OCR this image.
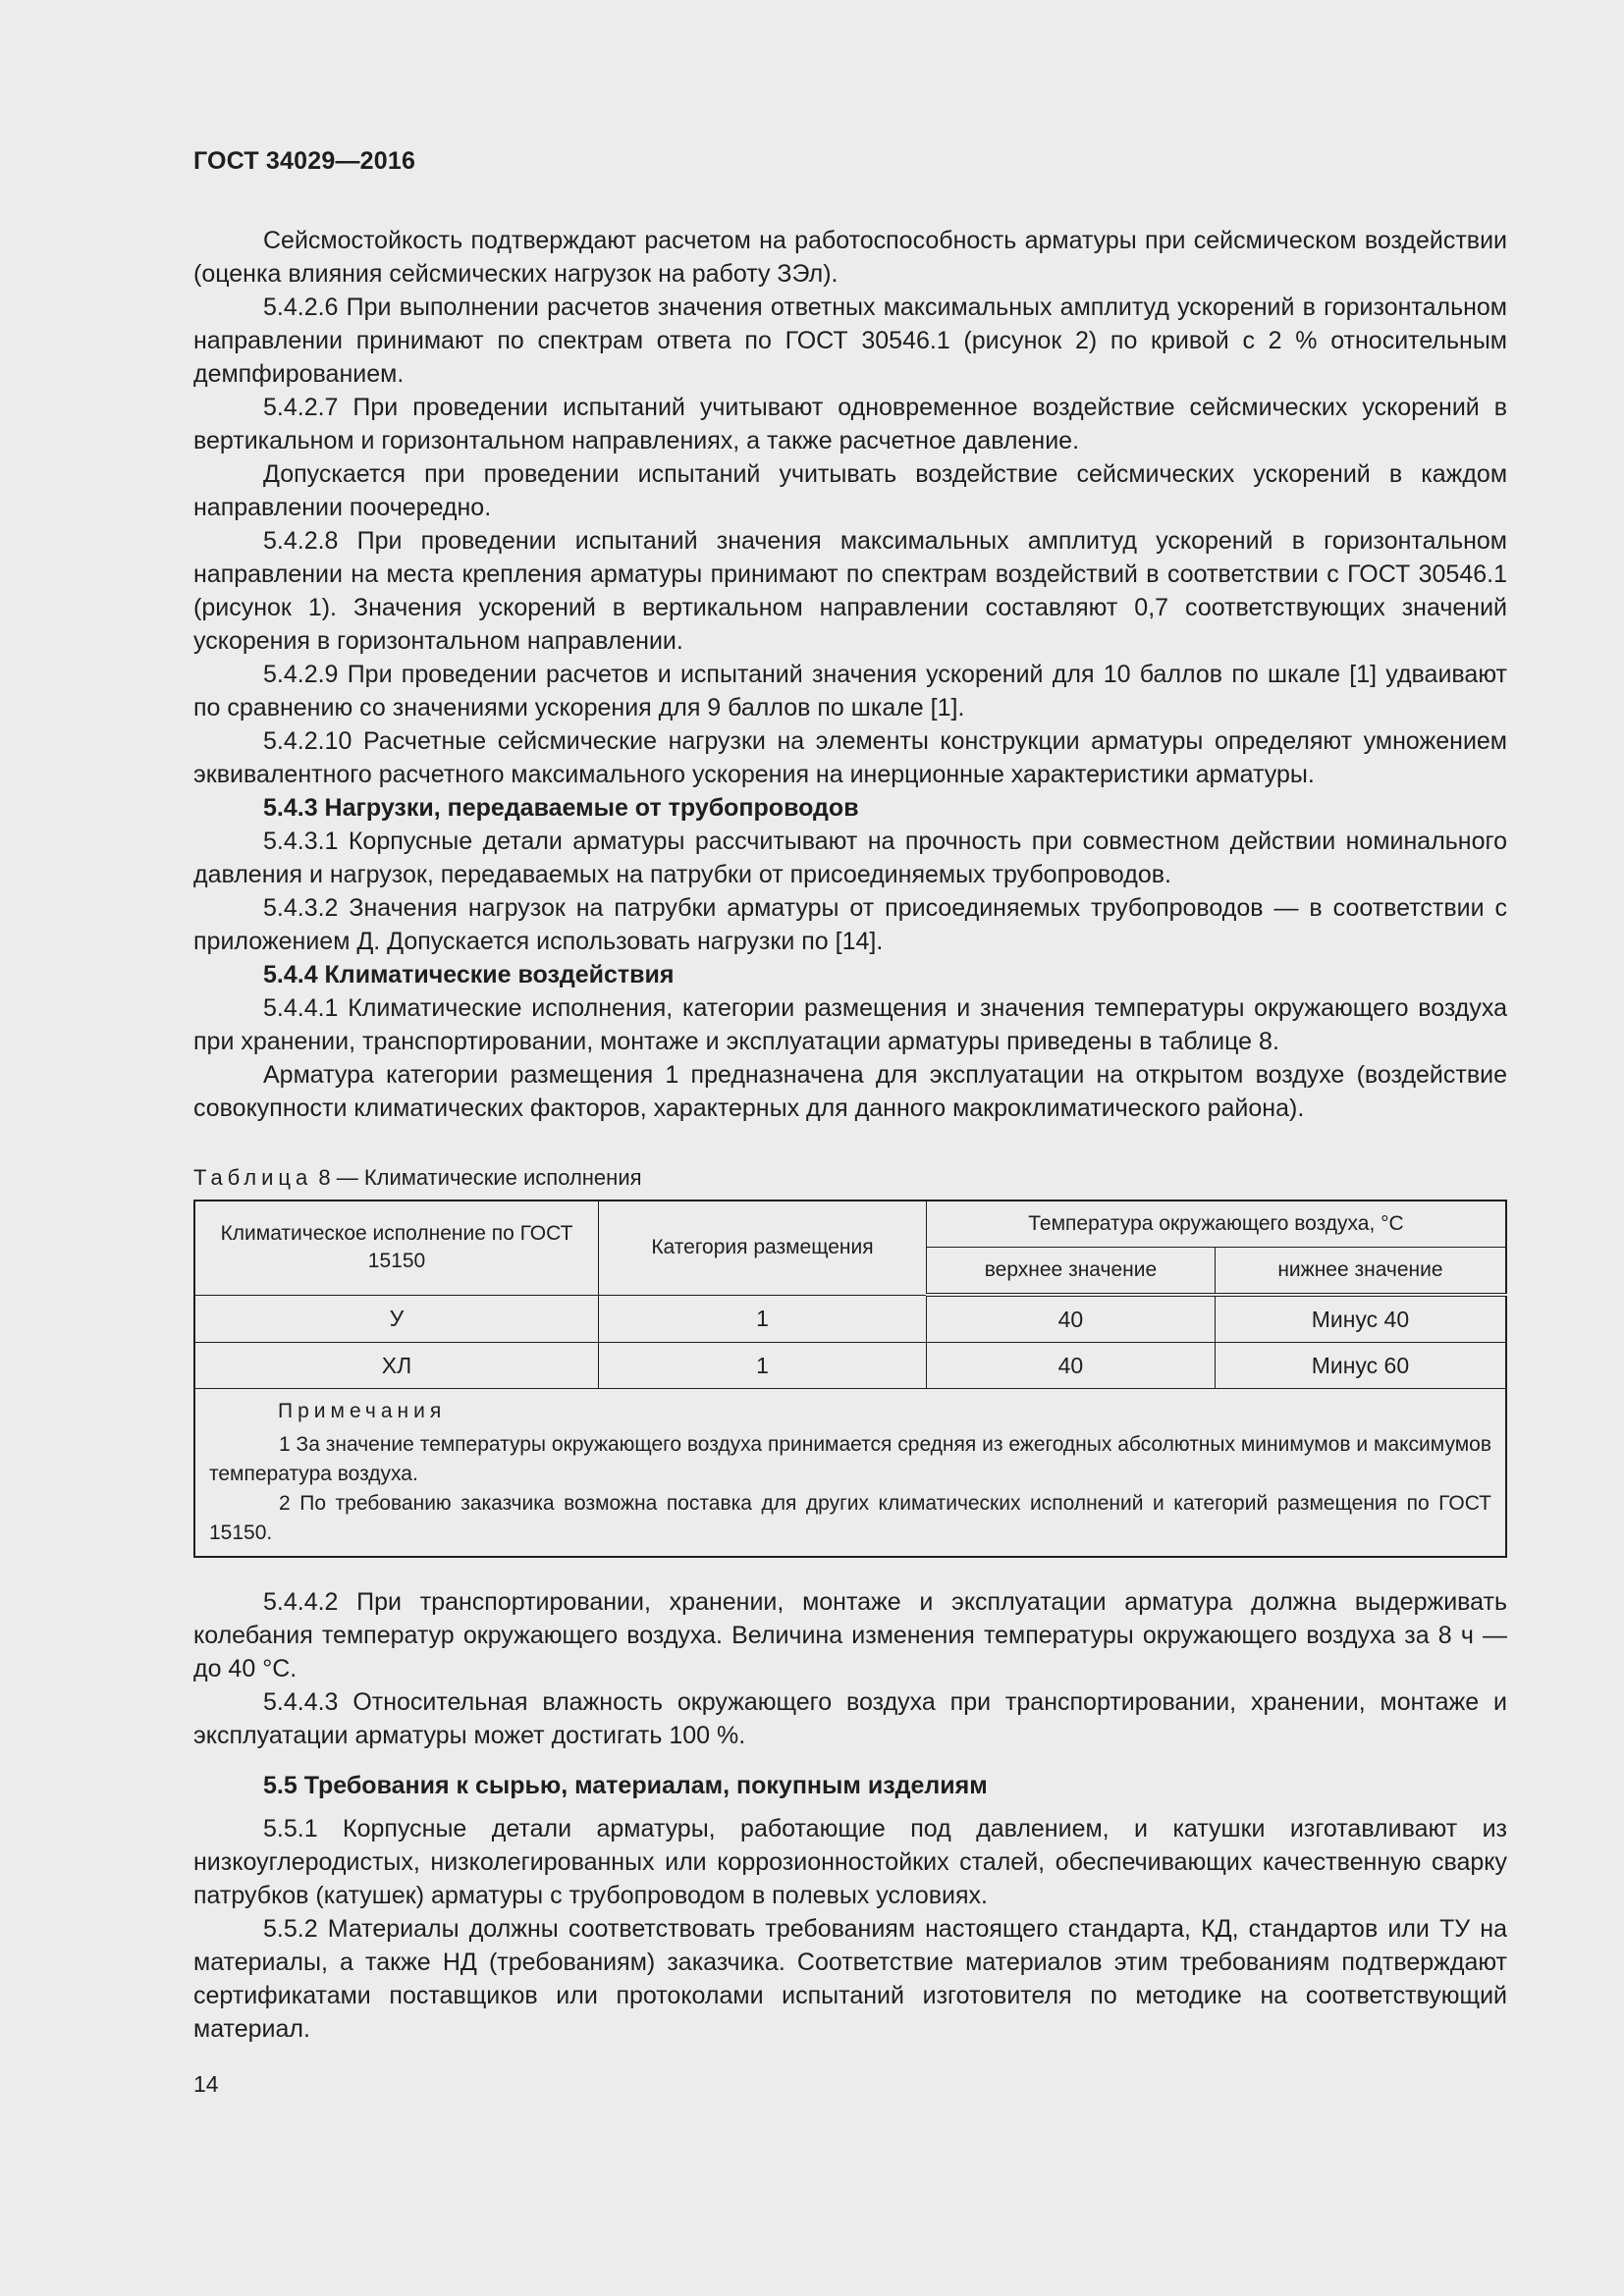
ГОСТ 34029—2016

Сейсмостойкость подтверждают расчетом на работоспособность арматуры при сейсмическом воздействии (оценка влияния сейсмических нагрузок на работу ЗЭл).

5.4.2.6 При выполнении расчетов значения ответных максимальных амплитуд ускорений в горизонтальном направлении принимают по спектрам ответа по ГОСТ 30546.1 (рисунок 2) по кривой с 2 % относительным демпфированием.

5.4.2.7 При проведении испытаний учитывают одновременное воздействие сейсмических ускорений в вертикальном и горизонтальном направлениях, а также расчетное давление.

Допускается при проведении испытаний учитывать воздействие сейсмических ускорений в каждом направлении поочередно.

5.4.2.8 При проведении испытаний значения максимальных амплитуд ускорений в горизонтальном направлении на места крепления арматуры принимают по спектрам воздействий в соответствии с ГОСТ 30546.1 (рисунок 1). Значения ускорений в вертикальном направлении составляют 0,7 соответствующих значений ускорения в горизонтальном направлении.

5.4.2.9 При проведении расчетов и испытаний значения ускорений для 10 баллов по шкале [1] удваивают по сравнению со значениями ускорения для 9 баллов по шкале [1].

5.4.2.10 Расчетные сейсмические нагрузки на элементы конструкции арматуры определяют умножением эквивалентного расчетного максимального ускорения на инерционные характеристики арматуры.

5.4.3 Нагрузки, передаваемые от трубопроводов

5.4.3.1 Корпусные детали арматуры рассчитывают на прочность при совместном действии номинального давления и нагрузок, передаваемых на патрубки от присоединяемых трубопроводов.

5.4.3.2 Значения нагрузок на патрубки арматуры от присоединяемых трубопроводов — в соответствии с приложением Д. Допускается использовать нагрузки по [14].

5.4.4 Климатические воздействия

5.4.4.1 Климатические исполнения, категории размещения и значения температуры окружающего воздуха при хранении, транспортировании, монтаже и эксплуатации арматуры приведены в таблице 8.

Арматура категории размещения 1 предназначена для эксплуатации на открытом воздухе (воздействие совокупности климатических факторов, характерных для данного макроклиматического района).

Таблица 8 — Климатические исполнения
Климатическое исполнение по ГОСТ 15150	Категория размещения	Температура окружающего воздуха, °С	
		верхнее значение	нижнее значение
У	1	40	Минус 40
ХЛ	1	40	Минус 60

Примечания

1 За значение температуры окружающего воздуха принимается средняя из ежегодных абсолютных минимумов и максимумов температура воздуха.

2 По требованию заказчика возможна поставка для других климатических исполнений и категорий размещения по ГОСТ 15150.			

5.4.4.2 При транспортировании, хранении, монтаже и эксплуатации арматура должна выдерживать колебания температур окружающего воздуха. Величина изменения температуры окружающего воздуха за 8 ч — до 40 °С.

5.4.4.3 Относительная влажность окружающего воздуха при транспортировании, хранении, монтаже и эксплуатации арматуры может достигать 100 %.

5.5 Требования к сырью, материалам, покупным изделиям

5.5.1 Корпусные детали арматуры, работающие под давлением, и катушки изготавливают из низкоуглеродистых, низколегированных или коррозионностойких сталей, обеспечивающих качественную сварку патрубков (катушек) арматуры с трубопроводом в полевых условиях.

5.5.2 Материалы должны соответствовать требованиям настоящего стандарта, КД, стандартов или ТУ на материалы, а также НД (требованиям) заказчика. Соответствие материалов этим требованиям подтверждают сертификатами поставщиков или протоколами испытаний изготовителя по методике на соответствующий материал.

14
